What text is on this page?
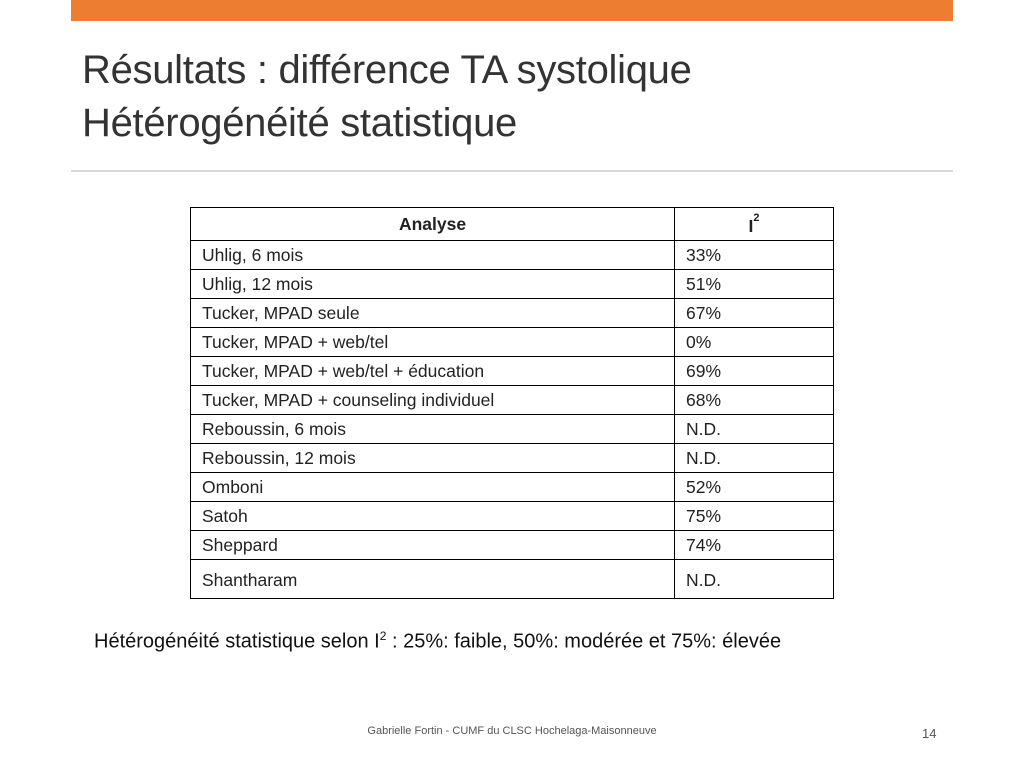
Résultats : différence TA systolique
Hétérogénéité statistique
Analyse	$I^2$
Uhlig, 6 mois	33%
Uhlig, 12 mois	51%
Tucker, MPAD seule	67%
Tucker, MPAD + web/tel	0%
Tucker, MPAD + web/tel + éducation	69%
Tucker, MPAD + counseling individuel	68%
Reboussin, 6 mois	N.D.
Reboussin, 12 mois	N.D.
Omboni	52%
Satoh	75%
Sheppard	74%
Shantharam	N.D.

Hétérogénéité statistique selon $I^2$ : 25%: faible, 50%: modérée et 75%: élevée

Gabrielle Fortin - CUMF du CLSC Hochelaga-Maisonneuve	14
